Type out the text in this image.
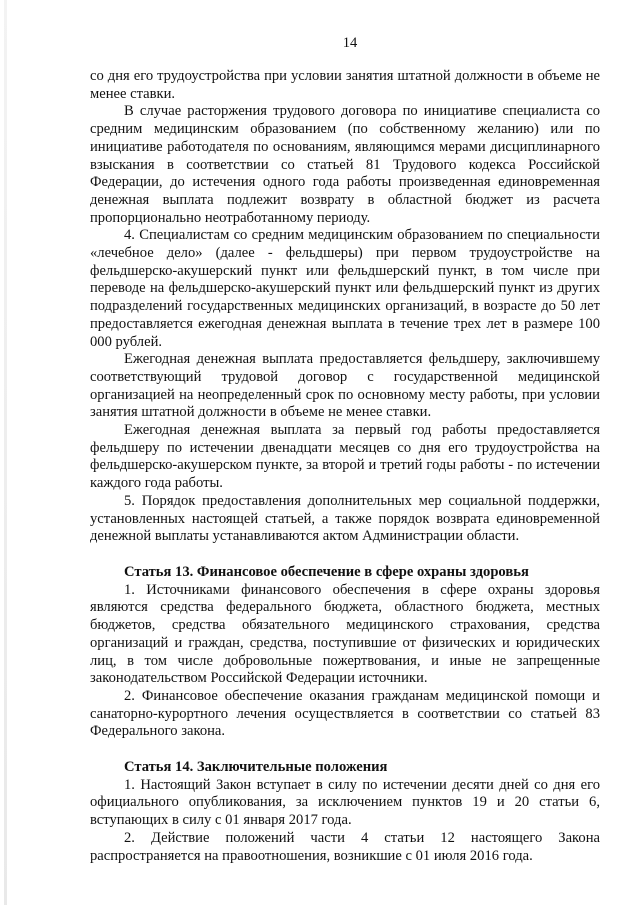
14

со дня его трудоустройства при условии занятия штатной должности в объеме не менее ставки.

В случае расторжения трудового договора по инициативе специалиста со средним медицинским образованием (по собственному желанию) или по инициативе работодателя по основаниям, являющимся мерами дисциплинарного взыскания в соответствии со статьей 81 Трудового кодекса Российской Федерации, до истечения одного года работы произведенная единовременная денежная выплата подлежит возврату в областной бюджет из расчета пропорционально неотработанному периоду.

4. Специалистам со средним медицинским образованием по специальности «лечебное дело» (далее - фельдшеры) при первом трудоустройстве на фельдшерско-акушерский пункт или фельдшерский пункт, в том числе при переводе на фельдшерско-акушерский пункт или фельдшерский пункт из других подразделений государственных медицинских организаций, в возрасте до 50 лет предоставляется ежегодная денежная выплата в течение трех лет в размере 100 000 рублей.

Ежегодная денежная выплата предоставляется фельдшеру, заключившему соответствующий трудовой договор с государственной медицинской организацией на неопределенный срок по основному месту работы, при условии занятия штатной должности в объеме не менее ставки.

Ежегодная денежная выплата за первый год работы предоставляется фельдшеру по истечении двенадцати месяцев со дня его трудоустройства на фельдшерско-акушерском пункте, за второй и третий годы работы - по истечении каждого года работы.

5. Порядок предоставления дополнительных мер социальной поддержки, установленных настоящей статьей, а также порядок возврата единовременной денежной выплаты устанавливаются актом Администрации области.

Статья 13. Финансовое обеспечение в сфере охраны здоровья

1. Источниками финансового обеспечения в сфере охраны здоровья являются средства федерального бюджета, областного бюджета, местных бюджетов, средства обязательного медицинского страхования, средства организаций и граждан, средства, поступившие от физических и юридических лиц, в том числе добровольные пожертвования, и иные не запрещенные законодательством Российской Федерации источники.

2. Финансовое обеспечение оказания гражданам медицинской помощи и санаторно-курортного лечения осуществляется в соответствии со статьей 83 Федерального закона.

Статья 14. Заключительные положения

1. Настоящий Закон вступает в силу по истечении десяти дней со дня его официального опубликования, за исключением пунктов 19 и 20 статьи 6, вступающих в силу с 01 января 2017 года.

2. Действие положений части 4 статьи 12 настоящего Закона распространяется на правоотношения, возникшие с 01 июля 2016 года.
